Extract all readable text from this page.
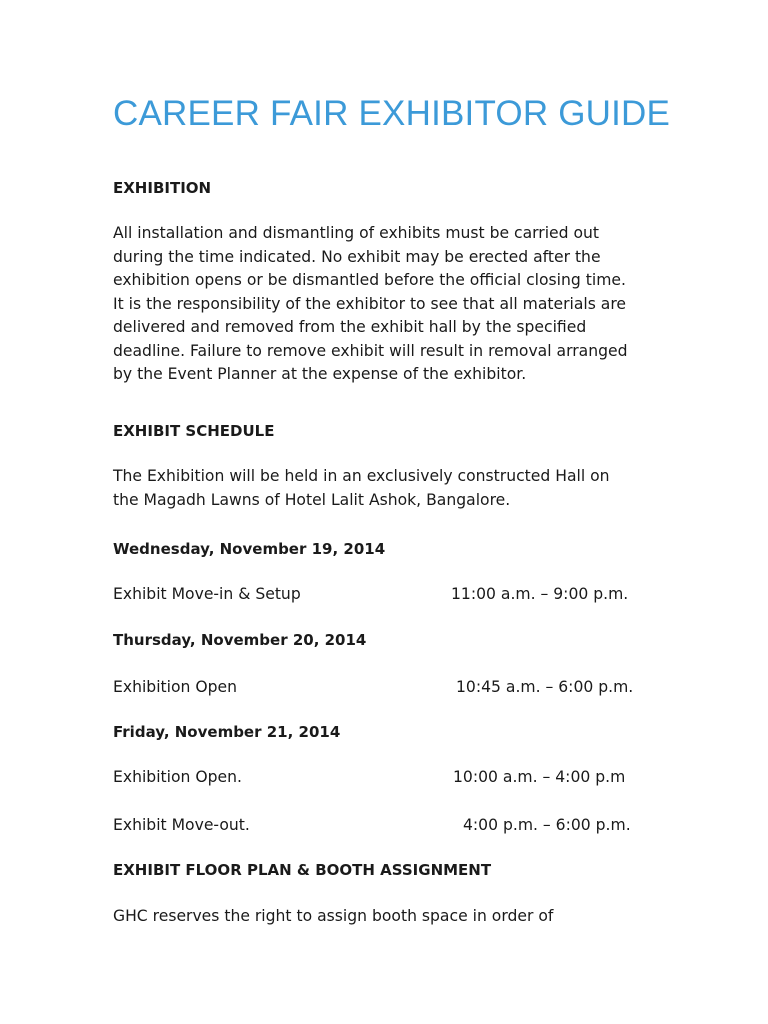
CAREER FAIR EXHIBITOR GUIDE
EXHIBITION

All installation and dismantling of exhibits must be carried out
during the time indicated. No exhibit may be erected after the
exhibition opens or be dismantled before the official closing time.
It is the responsibility of the exhibitor to see that all materials are
delivered and removed from the exhibit hall by the specified
deadline. Failure to remove exhibit will result in removal arranged
by the Event Planner at the expense of the exhibitor.

EXHIBIT SCHEDULE

The Exhibition will be held in an exclusively constructed Hall on
the Magadh Lawns of Hotel Lalit Ashok, Bangalore.

Wednesday, November 19, 2014
Exhibit Move-in & Setup	11:00 a.m. – 9:00 p.m.
Thursday, November 20, 2014
Exhibition Open	10:45 a.m. – 6:00 p.m.
Friday, November 21, 2014
Exhibition Open.	10:00 a.m. – 4:00 p.m
Exhibit Move-out.	4:00 p.m. – 6:00 p.m.
EXHIBIT FLOOR PLAN & BOOTH ASSIGNMENT

GHC reserves the right to assign booth space in order of
